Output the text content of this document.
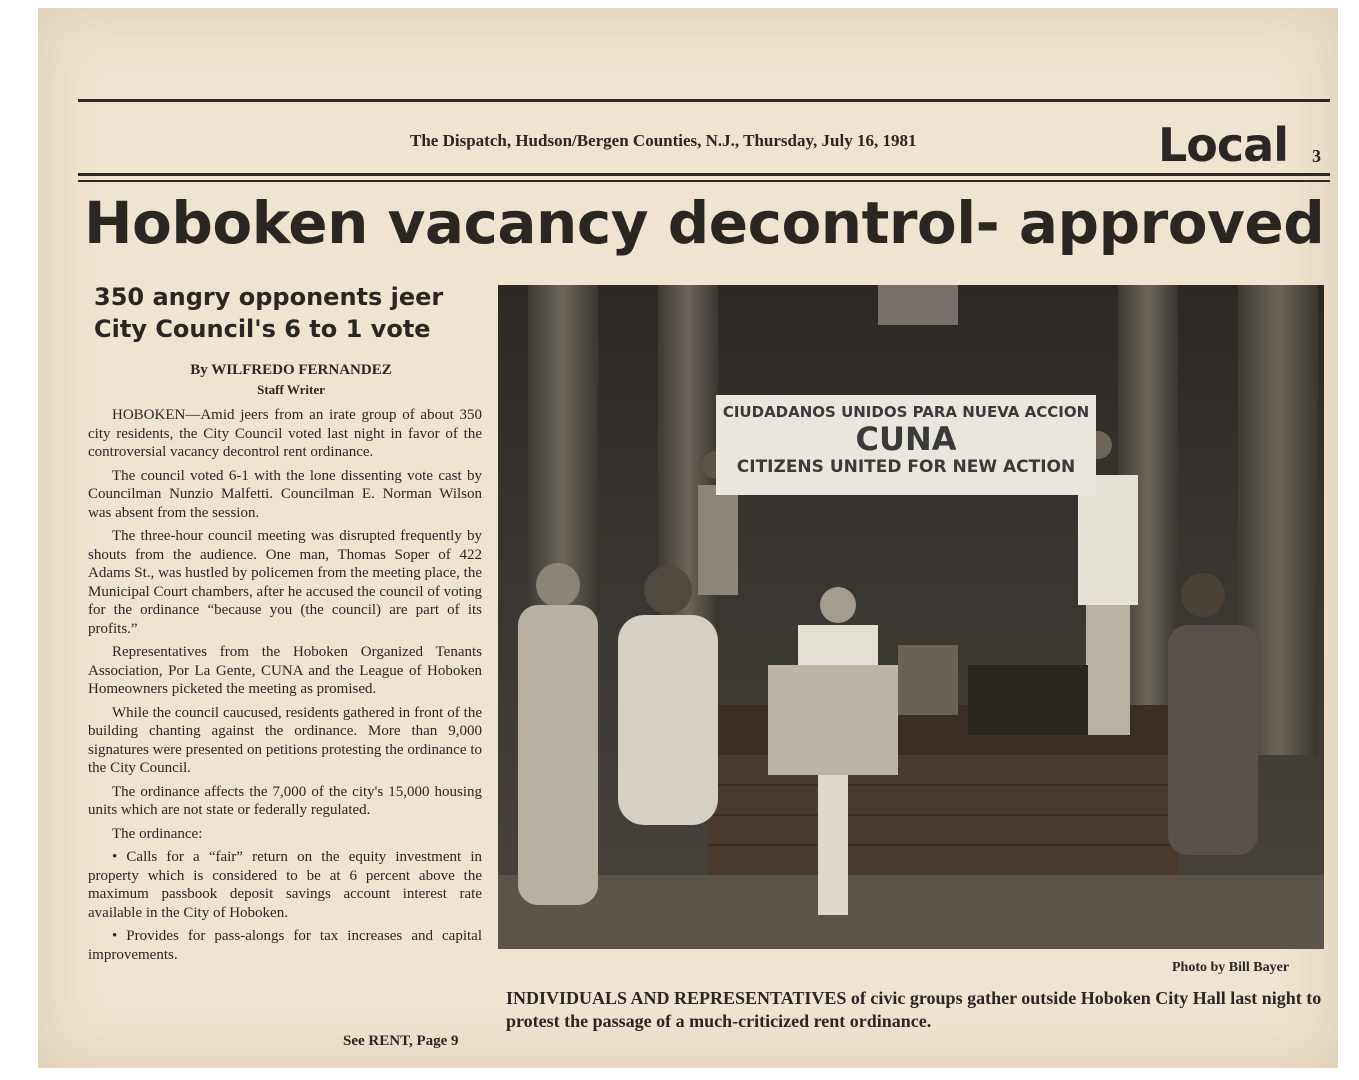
The Dispatch, Hudson/Bergen Counties, N.J., Thursday, July 16, 1981	Local 3
Hoboken vacancy decontrol- approved
350 angry opponents jeer City Council's 6 to 1 vote
By WILFREDO FERNANDEZ
Staff Writer

HOBOKEN—Amid jeers from an irate group of about 350 city residents, the City Council voted last night in favor of the controversial vacancy decontrol rent ordinance.

The council voted 6-1 with the lone dissenting vote cast by Councilman Nunzio Malfetti. Councilman E. Norman Wilson was absent from the session.

The three-hour council meeting was disrupted frequently by shouts from the audience. One man, Thomas Soper of 422 Adams St., was hustled by policemen from the meeting place, the Municipal Court chambers, after he accused the council of voting for the ordinance “because you (the council) are part of its profits.”

Representatives from the Hoboken Organized Tenants Association, Por La Gente, CUNA and the League of Hoboken Homeowners picketed the meeting as promised.

While the council caucused, residents gathered in front of the building chanting against the ordinance. More than 9,000 signatures were presented on petitions protesting the ordinance to the City Council.

The ordinance affects the 7,000 of the city's 15,000 housing units which are not state or federally regulated.

The ordinance:

• Calls for a “fair” return on the equity investment in property which is considered to be at 6 percent above the maximum passbook deposit savings account interest rate available in the City of Hoboken.

• Provides for pass-alongs for tax increases and capital improvements.

See RENT, Page 9
CIUDADANOS UNIDOS PARA NUEVA ACCION
CUNA
CITIZENS UNITED FOR NEW ACTION
Photo by Bill Bayer
INDIVIDUALS AND REPRESENTATIVES of civic groups gather outside Hoboken City Hall last night to protest the passage of a much-criticized rent ordinance.
